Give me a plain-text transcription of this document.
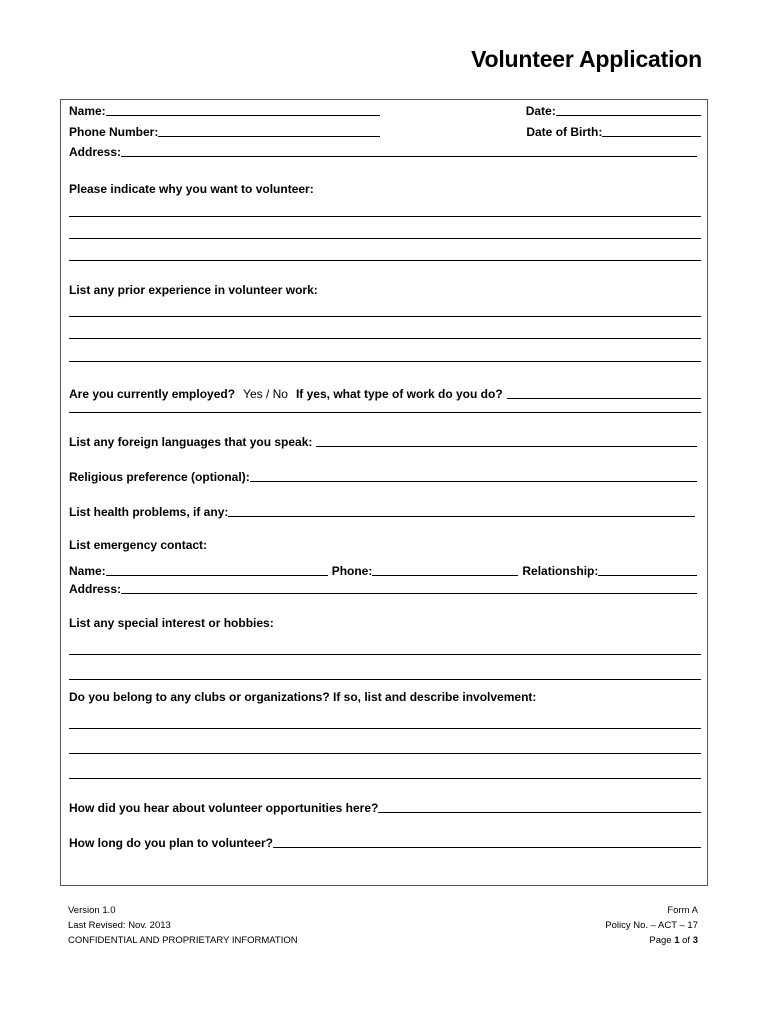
Volunteer Application
Name:	Date:
Phone Number:	Date of Birth:
Address:
Please indicate why you want to volunteer:
List any prior experience in volunteer work:
Are you currently employed? Yes / No If yes, what type of work do you do?
List any foreign languages that you speak:
Religious preference (optional):
List health problems, if any:
List emergency contact:
Name:	Phone:	Relationship:
Address:
List any special interest or hobbies:
Do you belong to any clubs or organizations? If so, list and describe involvement:
How did you hear about volunteer opportunities here?
How long do you plan to volunteer?
Version 1.0
Last Revised: Nov. 2013
CONFIDENTIAL AND PROPRIETARY INFORMATION
Form A
Policy No. – ACT – 17
Page 1 of 3
